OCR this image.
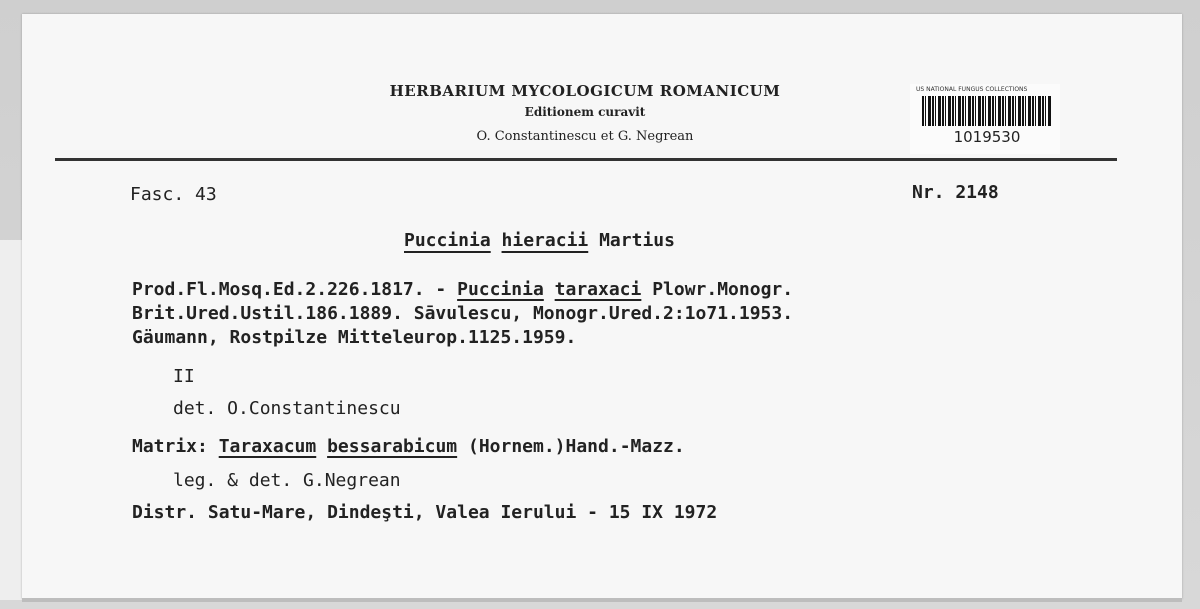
HERBARIUM MYCOLOGICUM ROMANICUM
Editionem curavit
O. Constantinescu et G. Negrean
US NATIONAL FUNGUS COLLECTIONS
1019530
Fasc. 43	Nr. 2148
Puccinia hieracii Martius
Prod.Fl.Mosq.Ed.2.226.1817. - Puccinia taraxaci Plowr.Monogr.
Brit.Ured.Ustil.186.1889. Sāvulescu, Monogr.Ured.2:1o71.1953.
Gäumann, Rostpilze Mitteleurop.1125.1959.
II
det. O.Constantinescu
Matrix: Taraxacum bessarabicum (Hornem.)Hand.-Mazz.
leg. & det. G.Negrean
Distr. Satu-Mare, Dindeşti, Valea Ierului - 15 IX 1972
